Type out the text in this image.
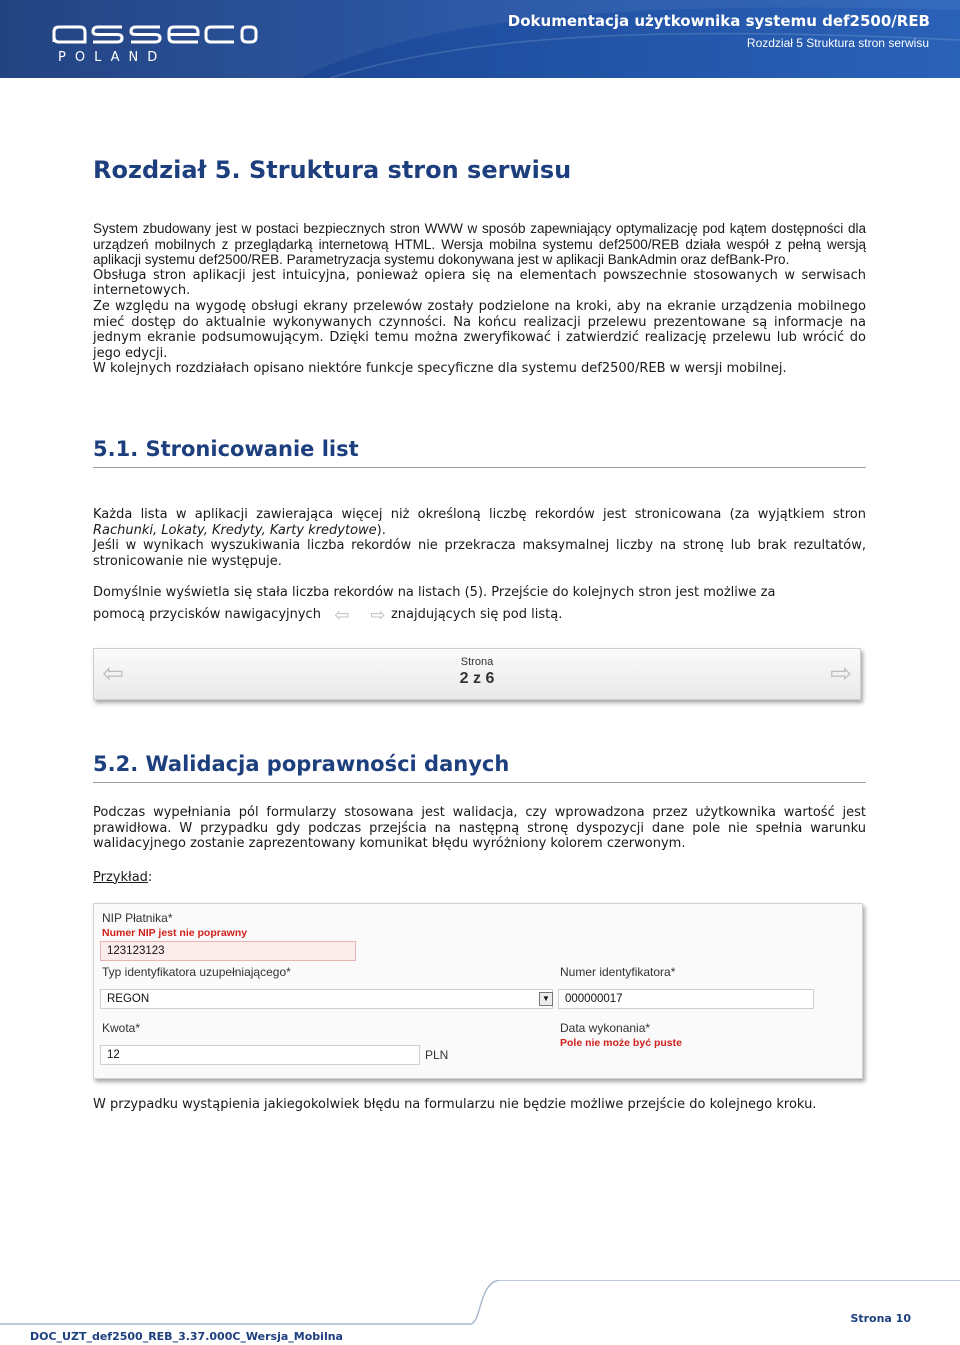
POLAND
Dokumentacja użytkownika systemu def2500/REB
Rozdział 5 Struktura stron serwisu
Rozdział 5. Struktura stron serwisu

System zbudowany jest w postaci bezpiecznych stron WWW w sposób zapewniający optymalizację pod kątem dostępności dla urządzeń mobilnych z przeglądarką internetową HTML. Wersja mobilna systemu def2500/REB działa wespół z pełną wersją aplikacji systemu def2500/REB. Parametryzacja systemu dokonywana jest w aplikacji BankAdmin oraz defBank-Pro.

Obsługa stron aplikacji jest intuicyjna, ponieważ opiera się na elementach powszechnie stosowanych w serwisach internetowych.

Ze względu na wygodę obsługi ekrany przelewów zostały podzielone na kroki, aby na ekranie urządzenia mobilnego mieć dostęp do aktualnie wykonywanych czynności. Na końcu realizacji przelewu prezentowane są informacje na jednym ekranie podsumowującym. Dzięki temu można zweryfikować i zatwierdzić realizację przelewu lub wrócić do jego edycji.

W kolejnych rozdziałach opisano niektóre funkcje specyficzne dla systemu def2500/REB w wersji mobilnej.

5.1. Stronicowanie list

Każda lista w aplikacji zawierająca więcej niż określoną liczbę rekordów jest stronicowana (za wyjątkiem stron Rachunki, Lokaty, Kredyty, Karty kredytowe).

Jeśli w wynikach wyszukiwania liczba rekordów nie przekracza maksymalnej liczby na stronę lub brak rezultatów, stronicowanie nie występuje.

Domyślnie wyświetla się stała liczba rekordów na listach (5). Przejście do kolejnych stron jest możliwe za

pomocą przycisków nawigacyjnych ⇦ ⇨ znajdujących się pod listą.

⇦	Strona
2 z 6	⇨
5.2. Walidacja poprawności danych

Podczas wypełniania pól formularzy stosowana jest walidacja, czy wprowadzona przez użytkownika wartość jest prawidłowa. W przypadku gdy podczas przejścia na następną stronę dyspozycji dane pole nie spełnia warunku walidacyjnego zostanie zaprezentowany komunikat błędu wyróżniony kolorem czerwonym.

Przykład:

NIP Płatnika*
Numer NIP jest nie poprawny
123123123
Typ identyfikatora uzupełniającego*
REGON	▼
Numer identyfikatora*
000000017
Kwota*
12	PLN
Data wykonania*
Pole nie może być puste

W przypadku wystąpienia jakiegokolwiek błędu na formularzu nie będzie możliwe przejście do kolejnego kroku.

DOC_UZT_def2500_REB_3.37.000C_Wersja_Mobilna
Strona 10
